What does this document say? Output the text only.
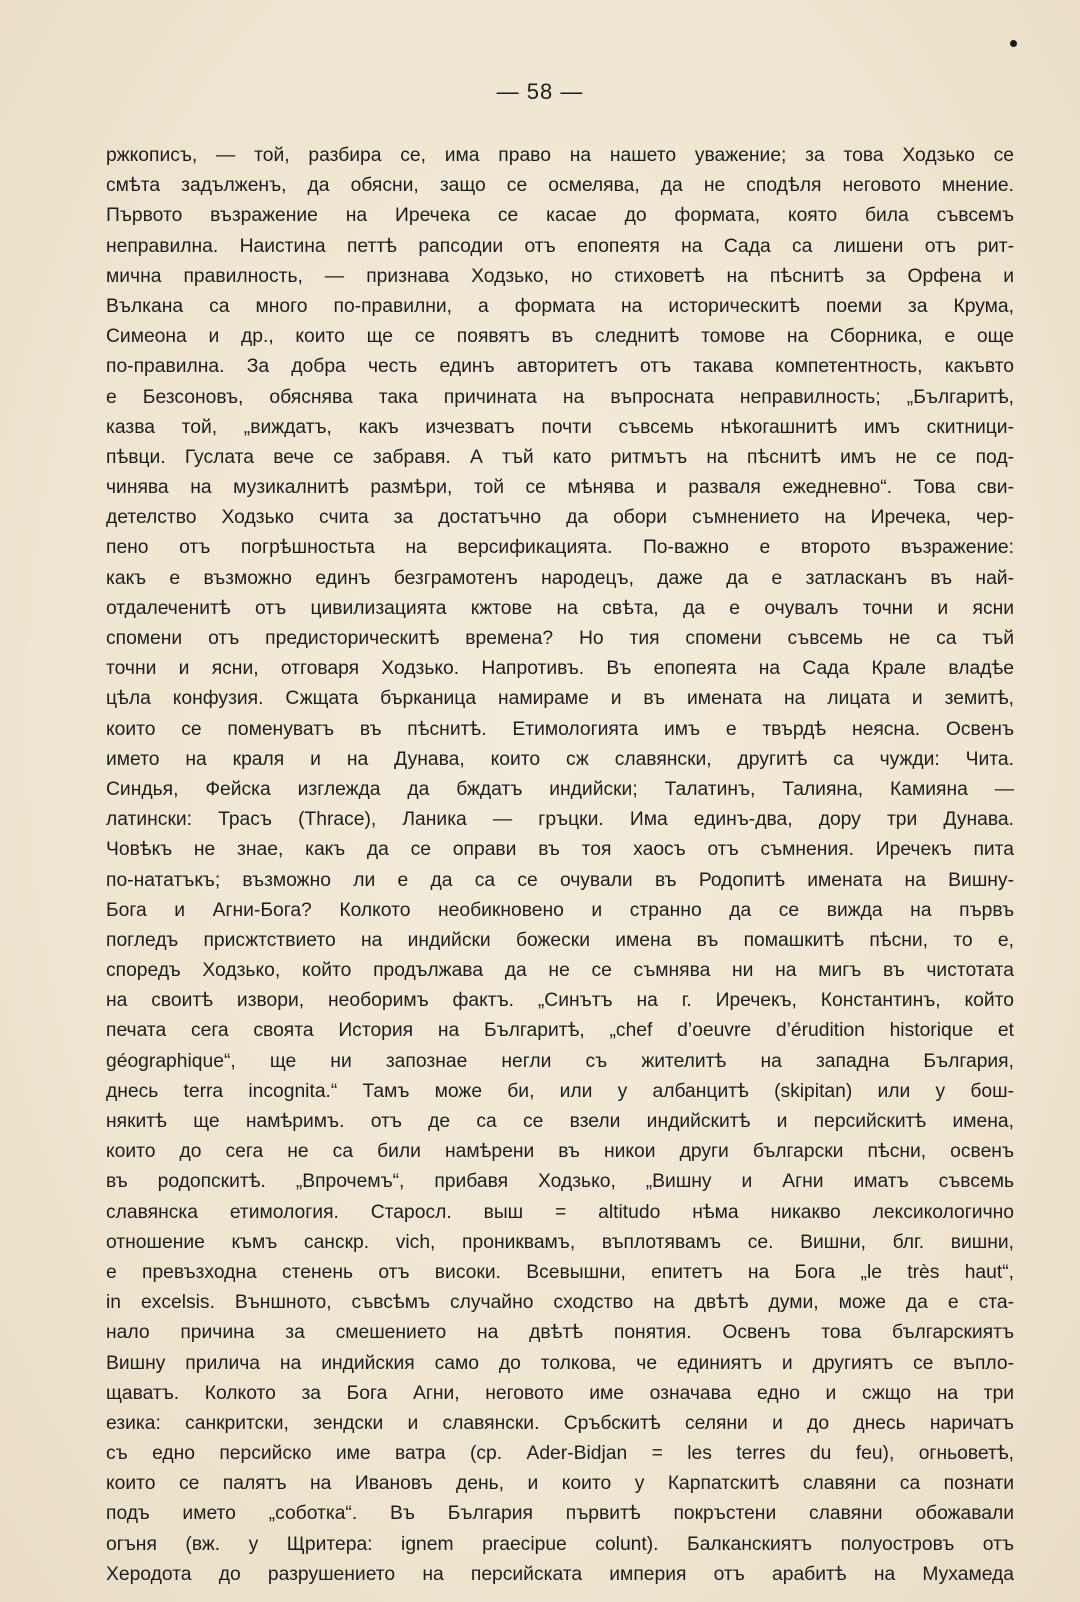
— 58 —
ржкописъ, — той, разбира се, има право на нашето уважение; за това Ходзько се
смѣта задълженъ, да обясни, защо се осмелява, да не сподѣля неговото мнение.
Първото възражение на Иречека се касае до формата, която била съвсемъ
неправилна. Наистина петтѣ рапсодии отъ епопеятя на Сада са лишени отъ рит-
мична правилность, — признава Ходзько, но стиховетѣ на пѣснитѣ за Орфена и
Вълкана са много по-правилни, а формата на историческитѣ поеми за Крума,
Симеона и др., които ще се появятъ въ следнитѣ томове на Сборника, е още
по-правилна. За добра честь единъ авторитетъ отъ такава компетентность, какъвто
е Безсоновъ, обяснява така причината на въпросната неправилность; „Българитѣ,
казва той, „виждатъ, какъ изчезватъ почти съвсемь нѣкогашнитѣ имъ скитници-
пѣвци. Гуслата вече се забравя. А тъй като ритмътъ на пѣснитѣ имъ не се под-
чинява на музикалнитѣ размѣри, той се мѣнява и разваля ежедневно“. Това сви-
детелство Ходзько счита за достатъчно да обори съмнението на Иречека, чер-
пено отъ погрѣшностьта на версификацията. По-важно е второто възражение:
какъ е възможно единъ безграмотенъ народецъ, даже да е затласканъ въ най-
отдалеченитѣ отъ цивилизацията кжтове на свѣта, да е очувалъ точни и ясни
спомени отъ предисторическитѣ времена? Но тия спомени съвсемь не са тъй
точни и ясни, отговаря Ходзько. Напротивъ. Въ епопеята на Сада Крале владѣе
цѣла конфузия. Сжщата бърканица намираме и въ имената на лицата и земитѣ,
които се поменуватъ въ пѣснитѣ. Етимологията имъ е твърдѣ неясна. Освенъ
името на краля и на Дунава, които сж славянски, другитѣ са чужди: Чита.
Синдья, Фейска изглежда да бждатъ индийски; Талатинъ, Талияна, Камияна —
латински: Трасъ (Thrace), Ланика — гръцки. Има единъ-два, дору три Дунава.
Човѣкъ не знае, какъ да се оправи въ тоя хаосъ отъ съмнения. Иречекъ пита
по-нататъкъ; възможно ли е да са се очували въ Родопитѣ имената на Вишну-
Бога и Агни-Бога? Колкото необикновено и странно да се вижда на първъ
погледъ присжтствието на индийски божески имена въ помашкитѣ пѣсни, то е,
споредъ Ходзько, който продължава да не се съмнява ни на мигъ въ чистотата
на своитѣ извори, необоримъ фактъ. „Синътъ на г. Иречекъ, Константинъ, който
печата сега своята История на Българитѣ, „chef d’oeuvre d’érudition historique et
géographique“, ще ни запознае негли съ жителитѣ на западна България,
днесь terra incognita.“ Тамъ може би, или у албанцитѣ (skipitan) или у бош-
някитѣ ще намѣримъ. отъ де са се взели индийскитѣ и персийскитѣ имена,
които до сега не са били намѣрени въ никои други български пѣсни, освенъ
въ родопскитѣ. „Впрочемъ“, прибавя Ходзько, „Вишну и Агни иматъ съвсемь
славянска етимология. Старосл. выш = altitudo нѣма никакво лексикологично
отношение къмъ санскр. vich, прониквамъ, въплотявамъ се. Вишни, блг. вишни,
е превъзходна стенень отъ високи. Всевышни, епитетъ на Бога „le très haut“,
in excelsis. Външното, съвсѣмъ случайно сходство на двѣтѣ думи, може да е ста-
нало причина за смешението на двѣтѣ понятия. Освенъ това българскиятъ
Вишну прилича на индийския само до толкова, че единиятъ и другиятъ се въпло-
щаватъ. Колкото за Бога Агни, неговото име означава едно и сжщо на три
езика: санкритски, зендски и славянски. Сръбскитѣ селяни и до днесь наричатъ
съ едно персийско име ватра (ср. Ader-Bidjan = les terres du feu), огньоветѣ,
които се палятъ на Ивановъ день, и които у Карпатскитѣ славяни са познати
подъ името „соботка“. Въ България първитѣ покръстени славяни обожавали
огъня (вж. у Щритера: ignem praecipue colunt). Балканскиятъ полуостровъ отъ
Херодота до разрушението на персийската империя отъ арабитѣ на Мухамеда
